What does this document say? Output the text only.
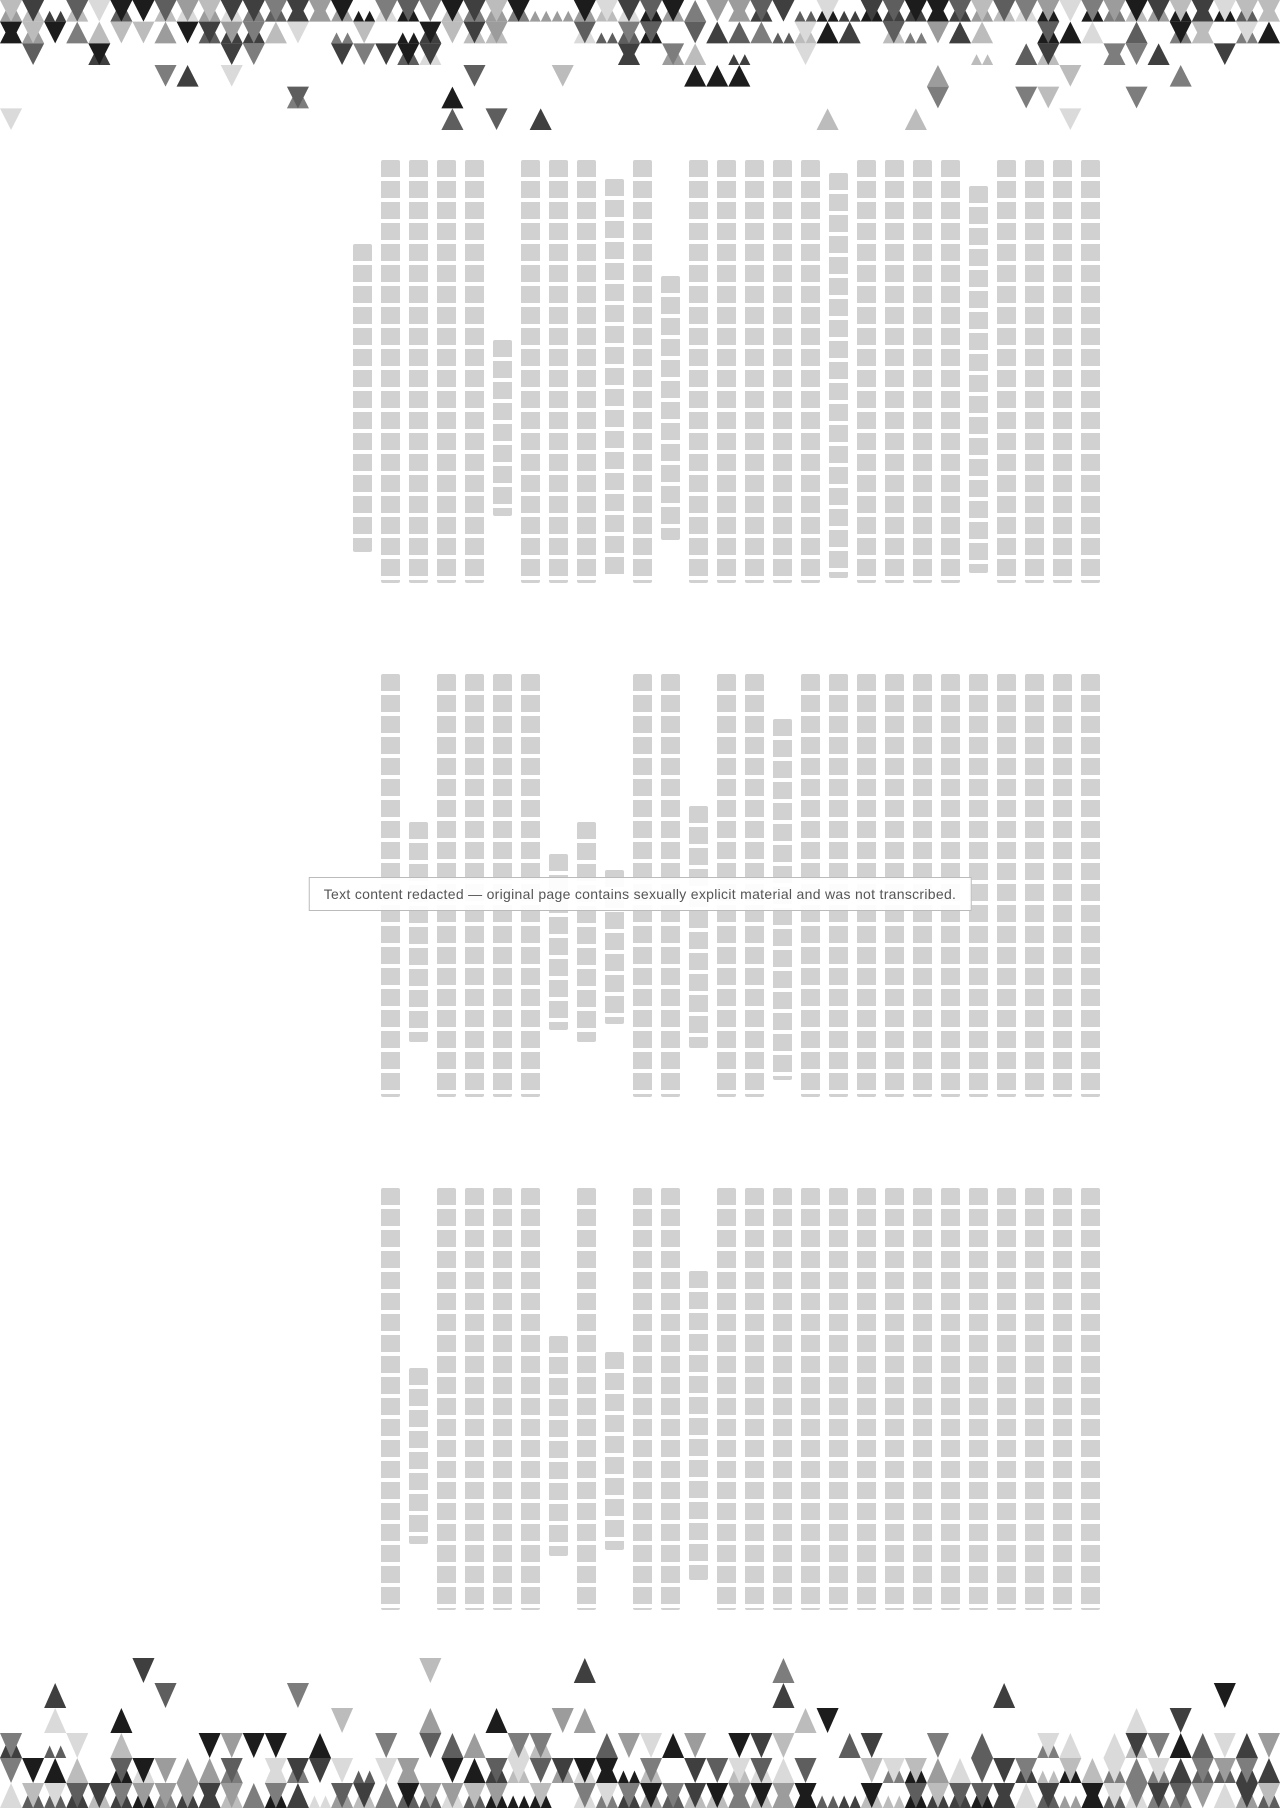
Text content redacted — original page contains sexually explicit material and was not transcribed.
